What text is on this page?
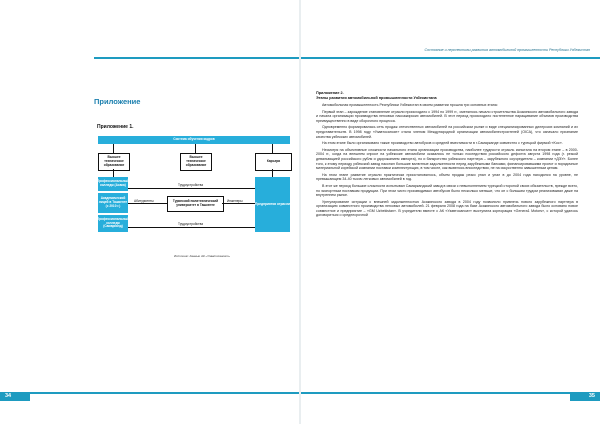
Приложение
Приложение 1.
Система обучения кадров
Высшее техническое образование
Высшее техническое образование
Карьера
Профессиональный колледж (Асака)
Академический лицей в Ташкенте (с 2010 г.)
Профессиональный колледж (Самарканд)
Туринский политехнический университет в Ташкенте	Предприятия отрасли
Трудоустройства
Абитуриенты	Инженеры
Трудоустройства
Источник: данные АК «Узавтосаноат»
34
Состояние и перспективы развития автомобильной промышленности Республики Узбекистан
35
Приложение 2.
Этапы развития автомобильной промышленности Узбекистана

Автомобильная промышленность Республики Узбекистан в своем развитии прошла три основных этапа:

Первый этап – зарождение становление отрасли происходило с 1994 по 1999 гг., сменилось начало строительства Асакинского автомобильного завода и начала организации производства легковых пассажирских автомобилей. В этот период происходило постепенное наращивание объемов производства преимущественно в виде сборочного процесса.

Одновременно формировалась сеть продаж отечественных автомобилей на российском рынке и виде специализированных дилерских компаний и их представительств. В 1998 году «Узавтосаноат» стала членом Международной организации автомобилестроителей (OICA), что означало признание качества узбекских автомобилей.

На этом этапе было организовано также производство автобусов и средней вместимости в г.Самарканде совместно с турецкой фирмой «Koc».

Несмотря на объективные сложности начального этапа организации производства, наиболее трудности отрасль испытала на втором этапе – в 2000-2004 гг., когда на внешнем спросе на узбекские автомобили оказались не только последствия российского дефолта августа 1998 года (г. резкой девальвацией российского рубля и удорожанием импорта), но и банкротство узбекского партнера – зарубежного соучредителя – компании «ДЭУ». Более того, к этому периоду узбекский завод накопил большие валютные задолженности перед зарубежными банками, финансировавшими проект и порядочные материальной корейской компании поставки комплектующих, в том числе, как вывелось впоследствии, не на искусственно завышенным ценам.

На этом этапе развитие отрасли практически приостановилось, объем продаж резко упал и упал в до 2004 года находился на уровне, не превышающем 34-40 тысяч легковых автомобилей в год.

В этот же период большие сложности испытывал Самаркандский завод в связи с невыполнением турецкой стороной своих обязательств, прежде всего, по экспортным поставкам продукции. При этом чисто производимых автобусов было несколько меньше, что он с большим трудом реализовывал даже на внутреннем рынке.

Урегулирование ситуации с внешней задолженностью Асакинского завода в 2004 году позволило привлечь нового зарубежного партнера в организацию совместного производства легковых автомобилей. 21 февраля 2008 года на базе Асакинского автомобильного завода было основано новое совместное и предприятие – «GM Uzbekistan». В учредители вместе с АК «Узавтосаноат» выступила корпорация «Genera1 Motors», с которой удалось договориться о среднесрочной
